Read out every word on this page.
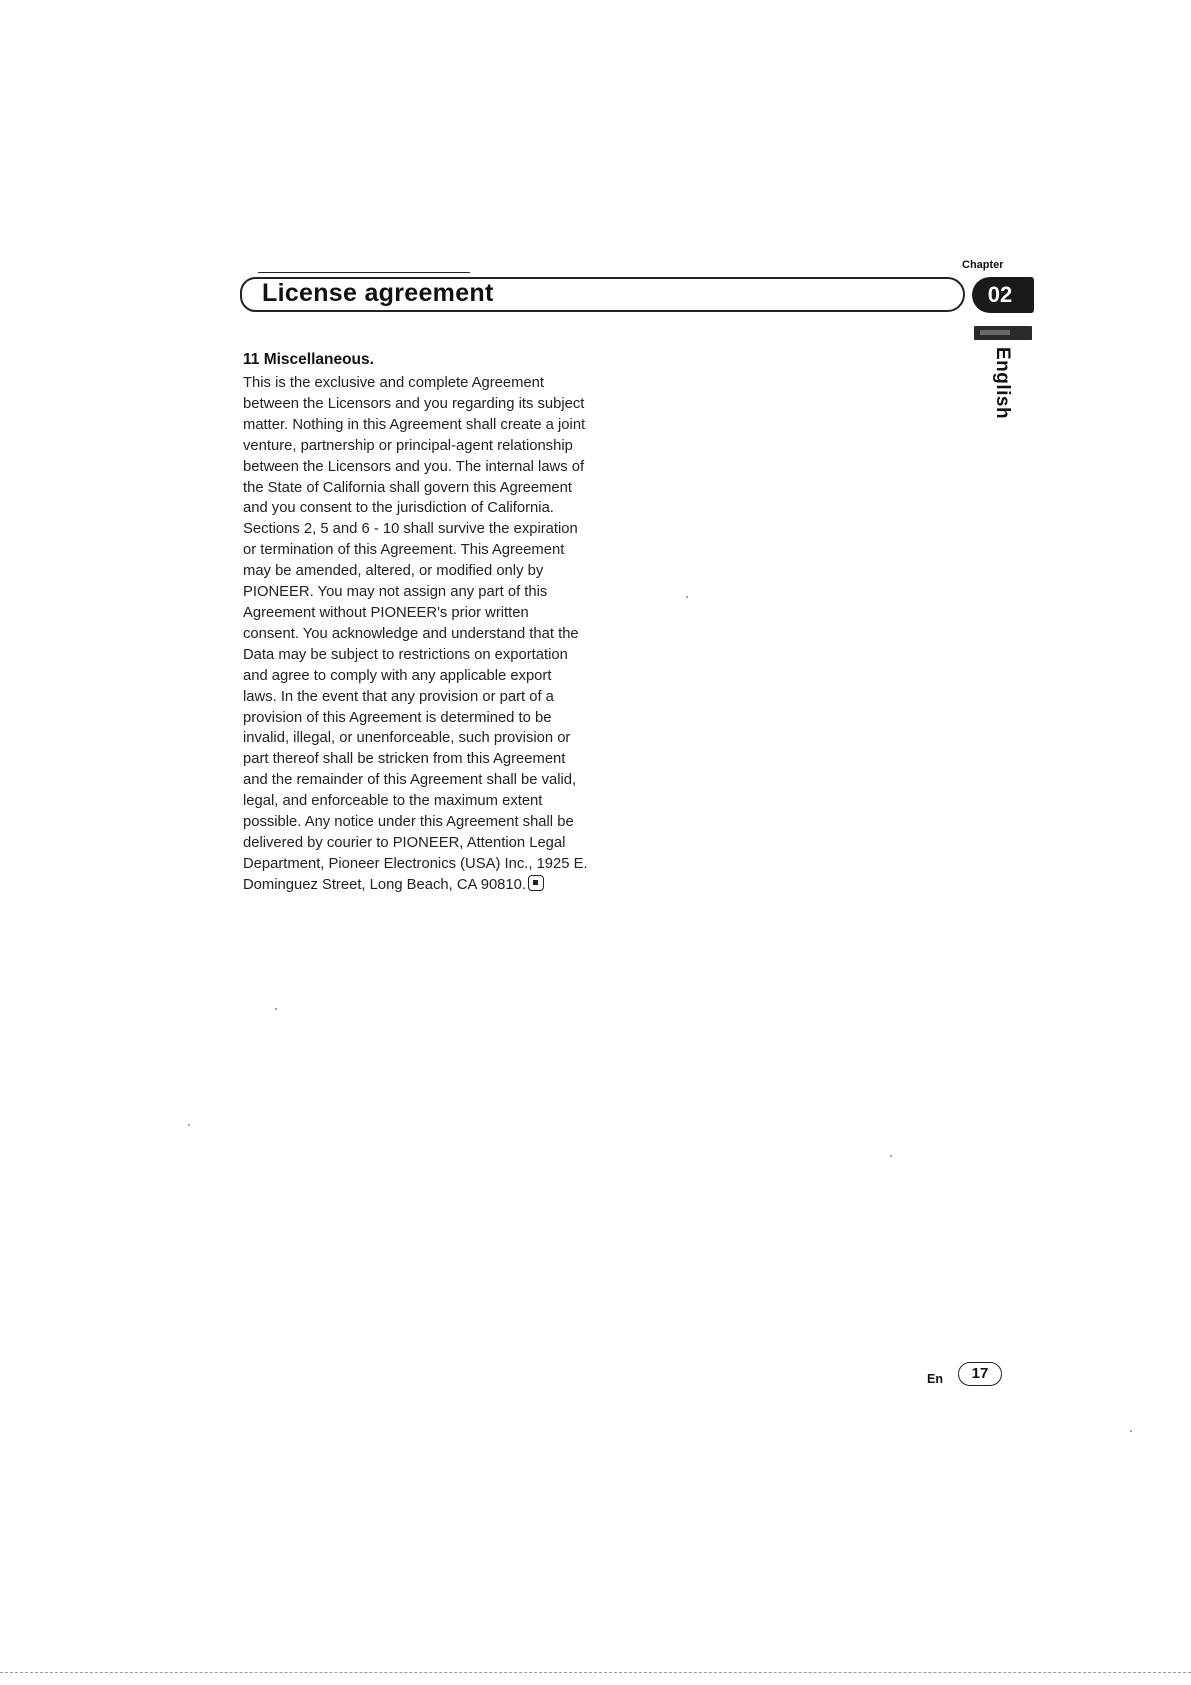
License agreement
Chapter
02
English
11 Miscellaneous.

This is the exclusive and complete Agreement between the Licensors and you regarding its subject matter. Nothing in this Agreement shall create a joint venture, partnership or principal-agent relationship between the Licensors and you. The internal laws of the State of California shall govern this Agreement and you consent to the jurisdiction of California. Sections 2, 5 and 6 - 10 shall survive the expiration or termination of this Agreement. This Agreement may be amended, altered, or modified only by PIONEER. You may not assign any part of this Agreement without PIONEER's prior written consent. You acknowledge and understand that the Data may be subject to restrictions on exportation and agree to comply with any applicable export laws. In the event that any provision or part of a provision of this Agreement is determined to be invalid, illegal, or unenforceable, such provision or part thereof shall be stricken from this Agreement and the remainder of this Agreement shall be valid, legal, and enforceable to the maximum extent possible. Any notice under this Agreement shall be delivered by courier to PIONEER, Attention Legal Department, Pioneer Electronics (USA) Inc., 1925 E. Dominguez Street, Long Beach, CA 90810.

En	17
